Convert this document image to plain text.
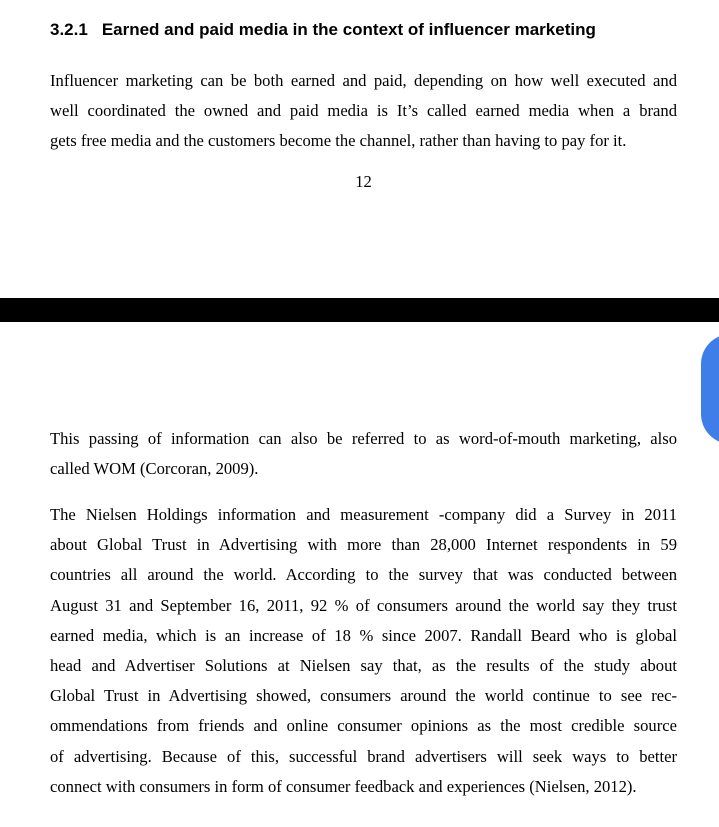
3.2.1 Earned and paid media in the context of influencer marketing

Influencer marketing can be both earned and paid, depending on how well executed and
well coordinated the owned and paid media is It’s called earned media when a brand
gets free media and the customers become the channel, rather than having to pay for it.

12

This passing of information can also be referred to as word-of-mouth marketing, also
called WOM (Corcoran, 2009).

The Nielsen Holdings information and measurement -company did a Survey in 2011
about Global Trust in Advertising with more than 28,000 Internet respondents in 59
countries all around the world. According to the survey that was conducted between
August 31 and September 16, 2011, 92 % of consumers around the world say they trust
earned media, which is an increase of 18 % since 2007. Randall Beard who is global
head and Advertiser Solutions at Nielsen say that, as the results of the study about
Global Trust in Advertising showed, consumers around the world continue to see rec-
ommendations from friends and online consumer opinions as the most credible source
of advertising. Because of this, successful brand advertisers will seek ways to better
connect with consumers in form of consumer feedback and experiences (Nielsen, 2012).
